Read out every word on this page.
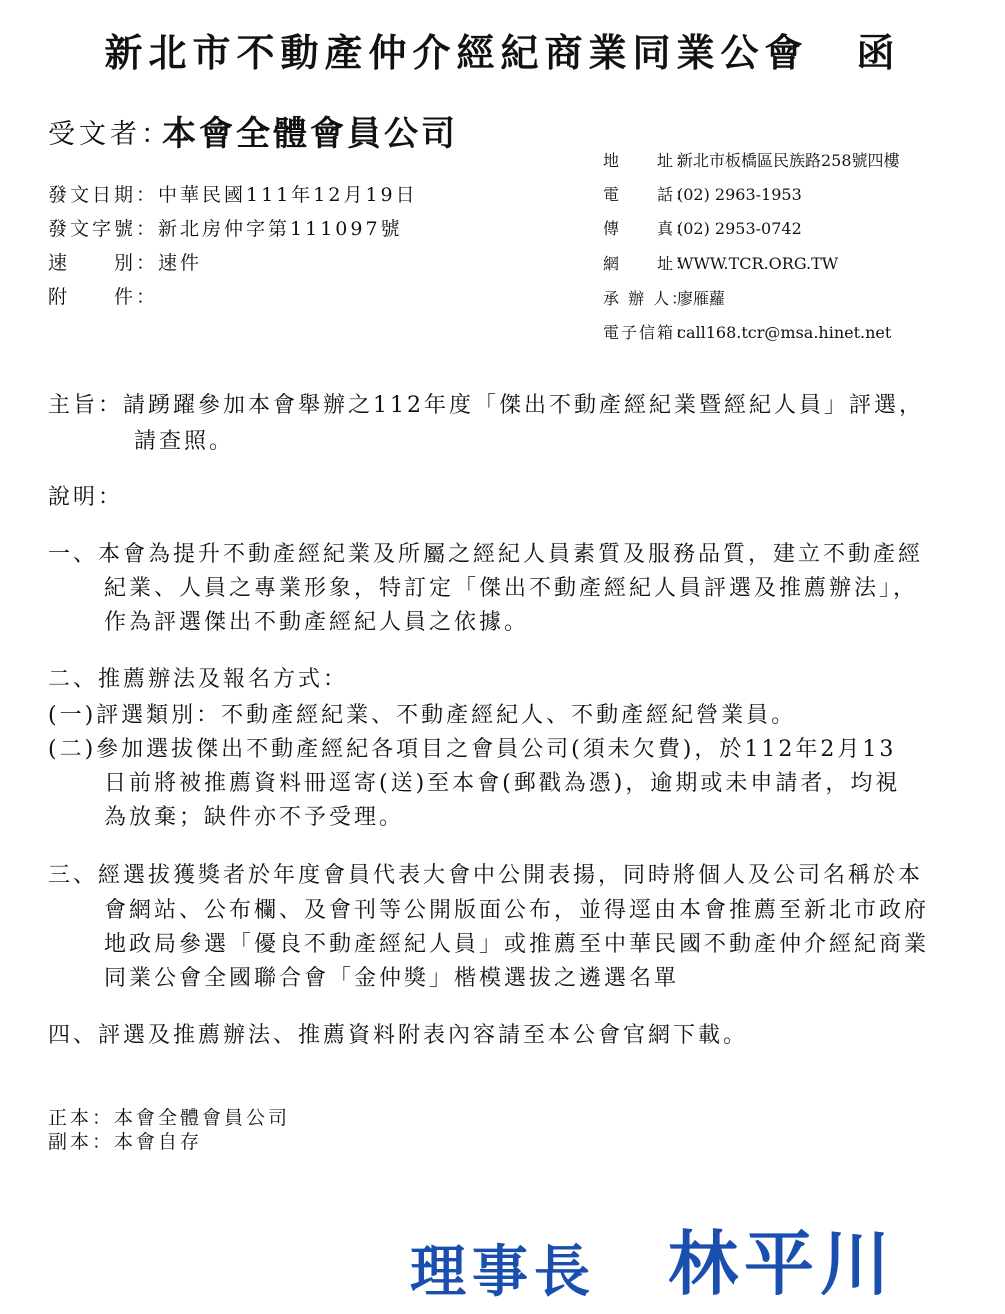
新北市不動產仲介經紀商業同業公會 函
受文者：
本會全體會員公司
發文日期：中華民國111年12月19日
發文字號：新北房仲字第111097號
速　　別：速件
附　　件：
地　　址：新北市板橋區民族路258號四樓
電　　話：(02) 2963-1953
傳　　真：(02) 2953-0742
網　　址：WWW.TCR.ORG.TW
承 辦 人：廖雁蘿
電子信箱：call168.tcr@msa.hinet.net
主旨：請踴躍參加本會舉辦之112年度「傑出不動產經紀業暨經紀人員」評選，
請查照。
說明：
一、本會為提升不動產經紀業及所屬之經紀人員素質及服務品質，建立不動產經
紀業、人員之專業形象，特訂定「傑出不動產經紀人員評選及推薦辦法」，
作為評選傑出不動產經紀人員之依據。
二、推薦辦法及報名方式：
(一)評選類別：不動產經紀業、不動產經紀人、不動產經紀營業員。
(二)參加選拔傑出不動產經紀各項目之會員公司(須未欠費)，於112年2月13
日前將被推薦資料冊逕寄(送)至本會(郵戳為憑)，逾期或未申請者，均視
為放棄；缺件亦不予受理。
三、經選拔獲獎者於年度會員代表大會中公開表揚，同時將個人及公司名稱於本
會網站、公布欄、及會刊等公開版面公布，並得逕由本會推薦至新北市政府
地政局參選「優良不動產經紀人員」或推薦至中華民國不動產仲介經紀商業
同業公會全國聯合會「金仲獎」楷模選拔之遴選名單
四、評選及推薦辦法、推薦資料附表內容請至本公會官網下載。
正本：本會全體會員公司
副本：本會自存
理事長 林平川
